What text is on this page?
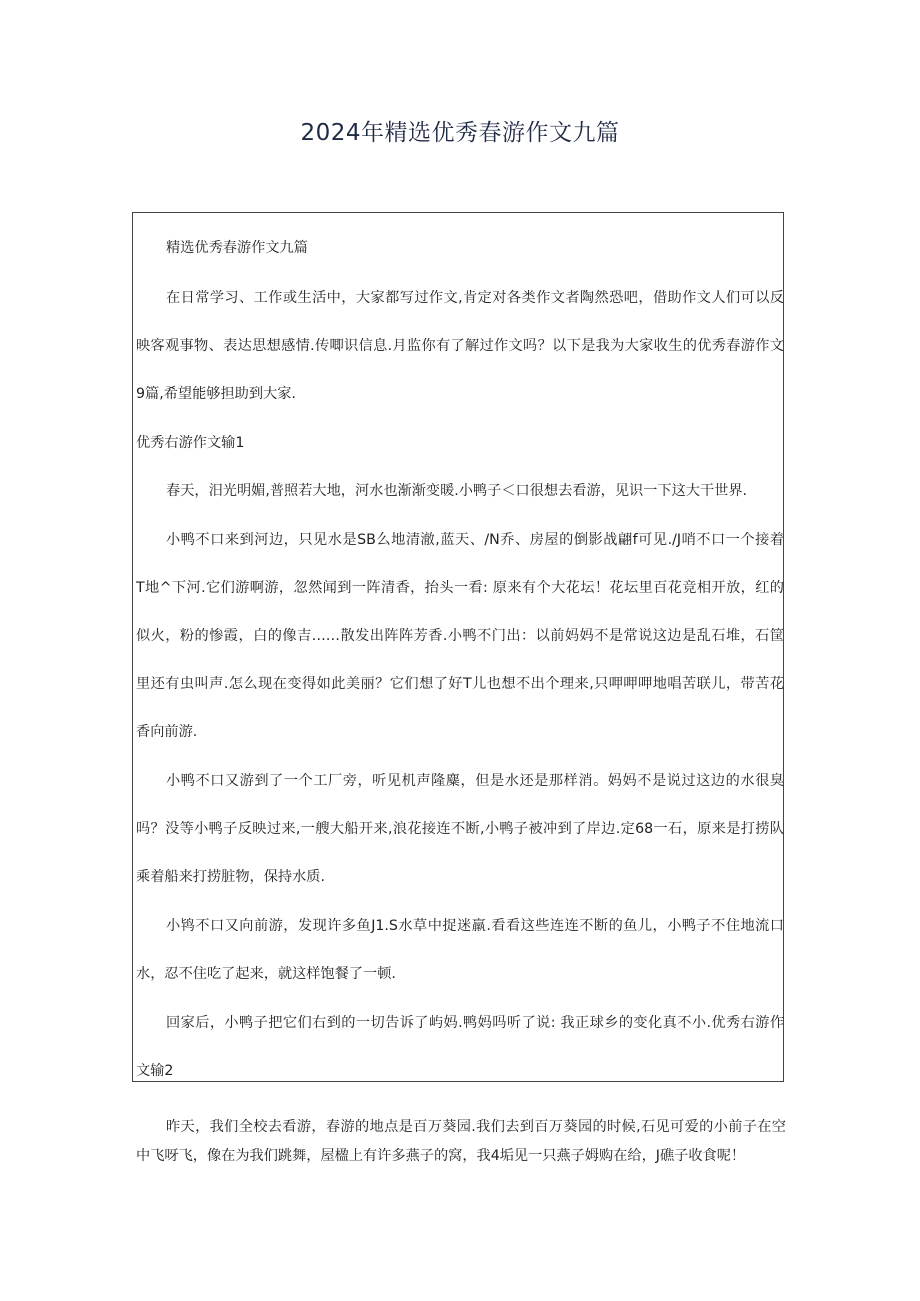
2024年精选优秀春游作文九篇
精选优秀春游作文九篇
在日常学习、工作或生活中，大家都写过作文,肯定对各类作文者陶然恐吧，借助作文人们可以反
映客观事物、表达思想感情.传唧识信息.月监你有了解过作文吗？以下是我为大家收生的优秀春游作文
9篇,希望能够担助到大家.
优秀右游作文输1
春天，汨光明媚,普照若大地，河水也渐渐变暖.小鸭子＜口很想去看游，见识一下这大干世界.
小鸭不口来到河边，只见水是SB么地清澈,蓝天、/N乔、房屋的倒影战翩f可见./J哨不口一个接着
T地^下河.它们游啊游，忽然闻到一阵清香，抬头一看: 原来有个大花坛！花坛里百花竞相开放，红的
似火，粉的惨霞，白的像吉……散发出阵阵芳香.小鸭不门出：以前妈妈不是常说这边是乱石堆，石筐
里还有虫叫声.怎么现在变得如此美丽？它们想了好T儿也想不出个理来,只呷呷呷地唱苦联儿，带苦花
香向前游.
小鸭不口又游到了一个工厂旁，听见机声隆麋，但是水还是那样消。妈妈不是说过这边的水很臭
吗？没等小鸭子反映过来,一艘大船开来,浪花接连不断,小鸭子被冲到了岸边.定68一石，原来是打捞队
乘着船来打捞脏物，保持水质.
小鸨不口又向前游，发现许多鱼J1.S水草中捉迷羸.看看这些连连不断的鱼儿，小鸭子不住地流口
水，忍不住吃了起来，就这样饱餐了一顿.
回家后，小鸭子把它们右到的一切告诉了屿妈.鸭妈吗听了说: 我正球乡的变化真不小.优秀右游作
文输2
昨天，我们全校去看游，春游的地点是百万葵园.我们去到百万葵园的时候,石见可爱的小前子在空
中飞呀飞，像在为我们跳舞，屋楹上有许多燕子的窝，我4垢见一只燕子姆购在给，J礁子收食呢！
